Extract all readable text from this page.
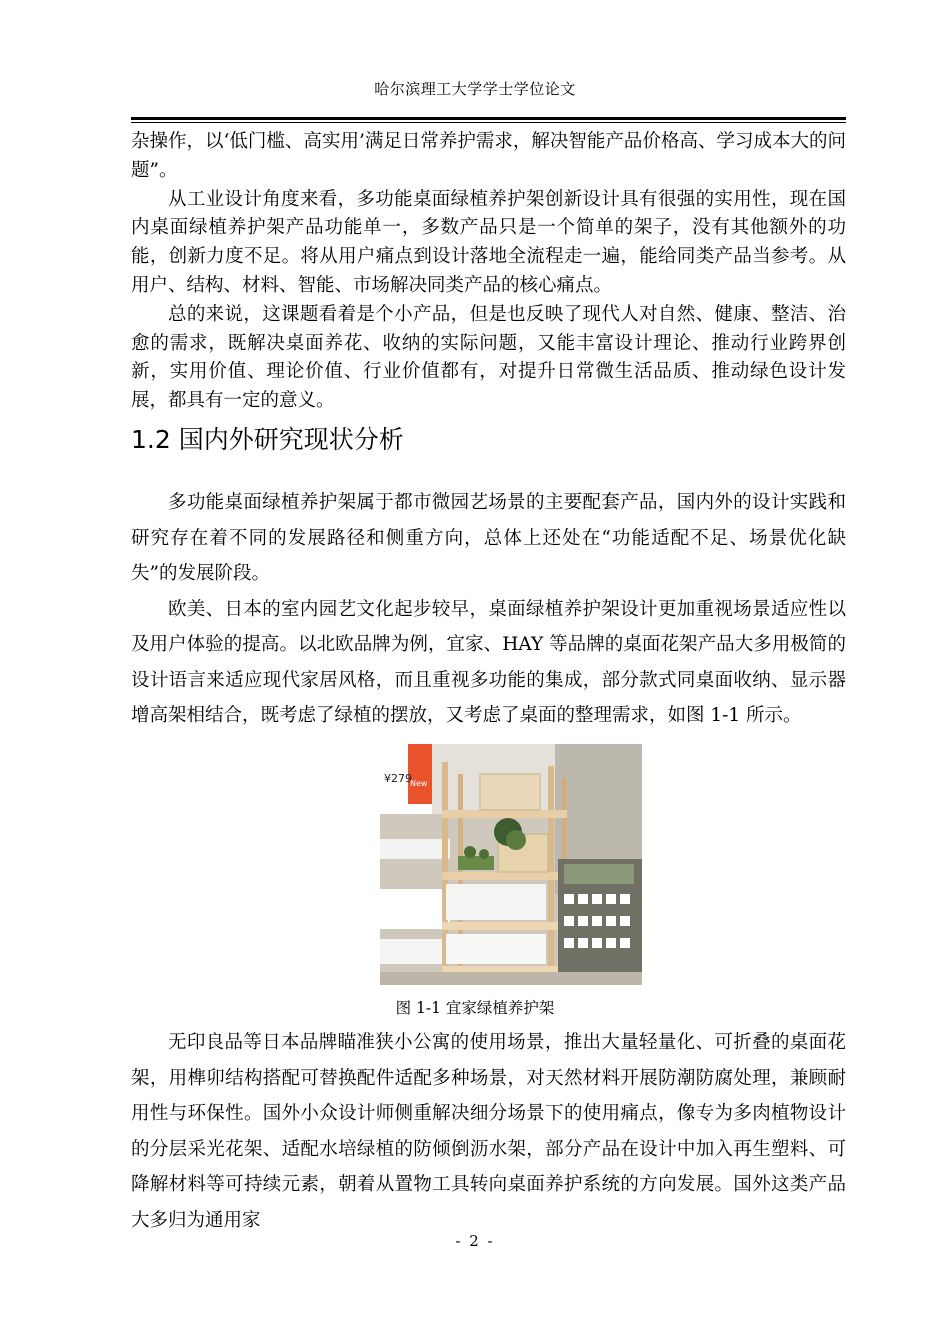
哈尔滨理工大学学士学位论文

杂操作，以‘低门槛、高实用’满足日常养护需求，解决智能产品价格高、学习成本大的问题”。

从工业设计角度来看，多功能桌面绿植养护架创新设计具有很强的实用性，现在国内桌面绿植养护架产品功能单一，多数产品只是一个简单的架子，没有其他额外的功能，创新力度不足。将从用户痛点到设计落地全流程走一遍，能给同类产品当参考。从用户、结构、材料、智能、市场解决同类产品的核心痛点。

总的来说，这课题看着是个小产品，但是也反映了现代人对自然、健康、整洁、治愈的需求，既解决桌面养花、收纳的实际问题，又能丰富设计理论、推动行业跨界创新，实用价值、理论价值、行业价值都有，对提升日常微生活品质、推动绿色设计发展，都具有一定的意义。

1.2 国内外研究现状分析

多功能桌面绿植养护架属于都市微园艺场景的主要配套产品，国内外的设计实践和研究存在着不同的发展路径和侧重方向，总体上还处在“功能适配不足、场景优化缺失”的发展阶段。

欧美、日本的室内园艺文化起步较早，桌面绿植养护架设计更加重视场景适应性以及用户体验的提高。以北欧品牌为例，宜家、HAY 等品牌的桌面花架产品大多用极简的设计语言来适应现代家居风格，而且重视多功能的集成，部分款式同桌面收纳、显示器增高架相结合，既考虑了绿植的摆放，又考虑了桌面的整理需求，如图 1-1 所示。

¥279
New
图 1-1 宜家绿植养护架

无印良品等日本品牌瞄准狭小公寓的使用场景，推出大量轻量化、可折叠的桌面花架，用榫卯结构搭配可替换配件适配多种场景，对天然材料开展防潮防腐处理，兼顾耐用性与环保性。国外小众设计师侧重解决细分场景下的使用痛点，像专为多肉植物设计的分层采光花架、适配水培绿植的防倾倒沥水架，部分产品在设计中加入再生塑料、可降解材料等可持续元素，朝着从置物工具转向桌面养护系统的方向发展。国外这类产品大多归为通用家

- 2 -
